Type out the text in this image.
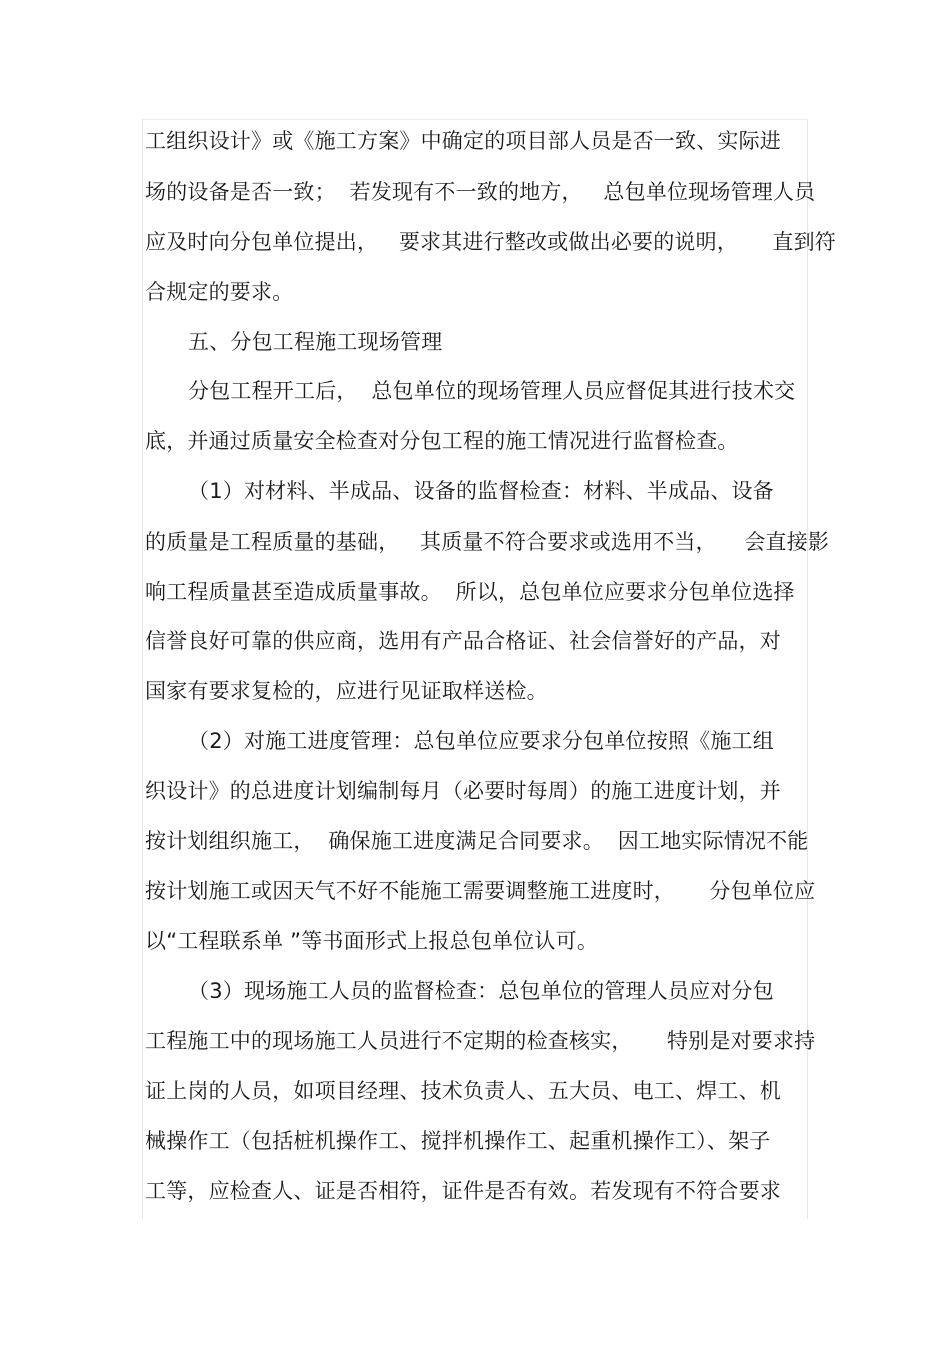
工组织设计》或《施工方案》中确定的项目部人员是否一致、实际进
场的设备是否一致；  若发现有不一致的地方，   总包单位现场管理人员
应及时向分包单位提出，   要求其进行整改或做出必要的说明，     直到符
合规定的要求。
五、分包工程施工现场管理
分包工程开工后，  总包单位的现场管理人员应督促其进行技术交
底，并通过质量安全检查对分包工程的施工情况进行监督检查。
（1）对材料、半成品、设备的监督检查：材料、半成品、设备
的质量是工程质量的基础，   其质量不符合要求或选用不当，    会直接影
响工程质量甚至造成质量事故。  所以，总包单位应要求分包单位选择
信誉良好可靠的供应商，选用有产品合格证、社会信誉好的产品，对
国家有要求复检的，应进行见证取样送检。
（2）对施工进度管理：总包单位应要求分包单位按照《施工组
织设计》的总进度计划编制每月（必要时每周）的施工进度计划，并
按计划组织施工，  确保施工进度满足合同要求。  因工地实际情况不能
按计划施工或因天气不好不能施工需要调整施工进度时，     分包单位应
以“工程联系单 ”等书面形式上报总包单位认可。
（3）现场施工人员的监督检查：总包单位的管理人员应对分包
工程施工中的现场施工人员进行不定期的检查核实，     特别是对要求持
证上岗的人员，如项目经理、技术负责人、五大员、电工、焊工、机
械操作工（包括桩机操作工、搅拌机操作工、起重机操作工）、架子
工等，应检查人、证是否相符，证件是否有效。若发现有不符合要求
